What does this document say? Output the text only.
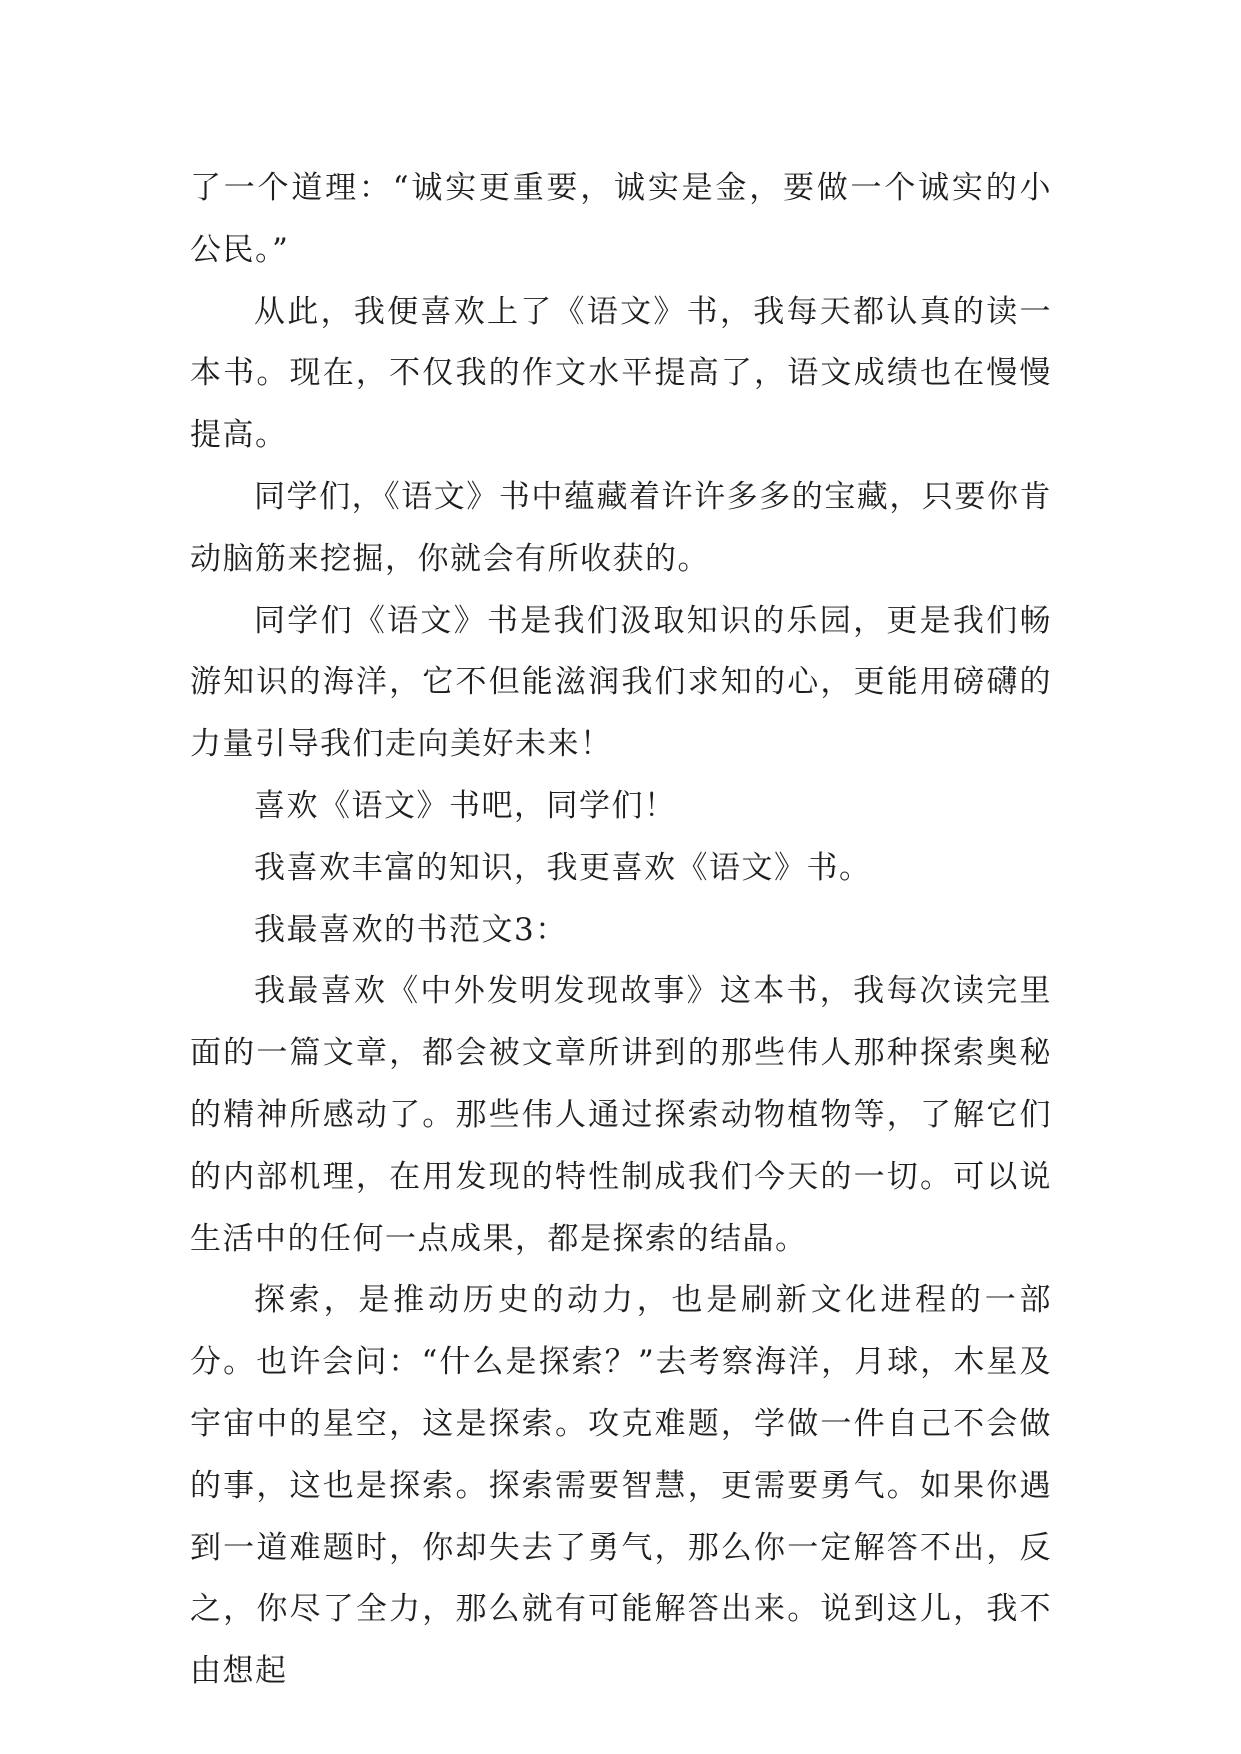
了一个道理：“诚实更重要，诚实是金，要做一个诚实的小公民。”

从此，我便喜欢上了《语文》书，我每天都认真的读一本书。现在，不仅我的作文水平提高了，语文成绩也在慢慢提高。

同学们，《语文》书中蕴藏着许许多多的宝藏，只要你肯动脑筋来挖掘，你就会有所收获的。

同学们《语文》书是我们汲取知识的乐园，更是我们畅游知识的海洋，它不但能滋润我们求知的心，更能用磅礴的力量引导我们走向美好未来！

喜欢《语文》书吧，同学们！

我喜欢丰富的知识，我更喜欢《语文》书。

我最喜欢的书范文3：

我最喜欢《中外发明发现故事》这本书，我每次读完里面的一篇文章，都会被文章所讲到的那些伟人那种探索奥秘的精神所感动了。那些伟人通过探索动物植物等，了解它们的内部机理，在用发现的特性制成我们今天的一切。可以说生活中的任何一点成果，都是探索的结晶。

探索，是推动历史的动力，也是刷新文化进程的一部分。也许会问：“什么是探索？”去考察海洋，月球，木星及宇宙中的星空，这是探索。攻克难题，学做一件自己不会做的事，这也是探索。探索需要智慧，更需要勇气。如果你遇到一道难题时，你却失去了勇气，那么你一定解答不出，反之，你尽了全力，那么就有可能解答出来。说到这儿，我不由想起
